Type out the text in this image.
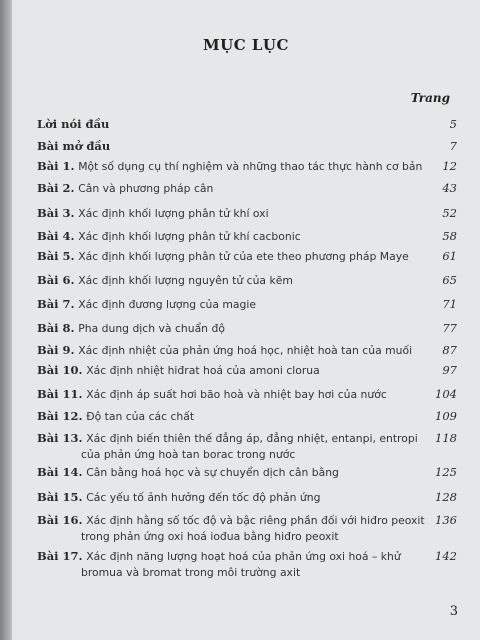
MỤC LỤC
Trang
Lời nói đầu	5
Bài mở đầu	7
Bài 1. Một số dụng cụ thí nghiệm và những thao tác thực hành cơ bản 12
Bài 2. Cân và phương pháp cân	43
Bài 3. Xác định khối lượng phân tử khí oxi	52
Bài 4. Xác định khối lượng phân tử khí cacbonic	58
Bài 5. Xác định khối lượng phân tử của ete theo phương pháp Maye	61
Bài 6. Xác định khối lượng nguyên tử của kẽm	65
Bài 7. Xác định đương lượng của magie	71
Bài 8. Pha dung dịch và chuẩn độ	77
Bài 9. Xác định nhiệt của phản ứng hoá học, nhiệt hoà tan của muối	87
Bài 10. Xác định nhiệt hiđrat hoá của amoni clorua	97
Bài 11. Xác định áp suất hơi bão hoà và nhiệt bay hơi của nước	104
Bài 12. Độ tan của các chất	109
Bài 13. Xác định biến thiên thế đẳng áp, đẳng nhiệt, entanpi, entropi 118
của phản ứng hoà tan borac trong nước
Bài 14. Cân bằng hoá học và sự chuyển dịch cân bằng	125
Bài 15. Các yếu tố ảnh hưởng đến tốc độ phản ứng	128
Bài 16. Xác định hằng số tốc độ và bậc riêng phần đối với hiđro peoxit 136
trong phản ứng oxi hoá iođua bằng hiđro peoxit
Bài 17. Xác định năng lượng hoạt hoá của phản ứng oxi hoá – khử	142
bromua và bromat trong môi trường axit
3
